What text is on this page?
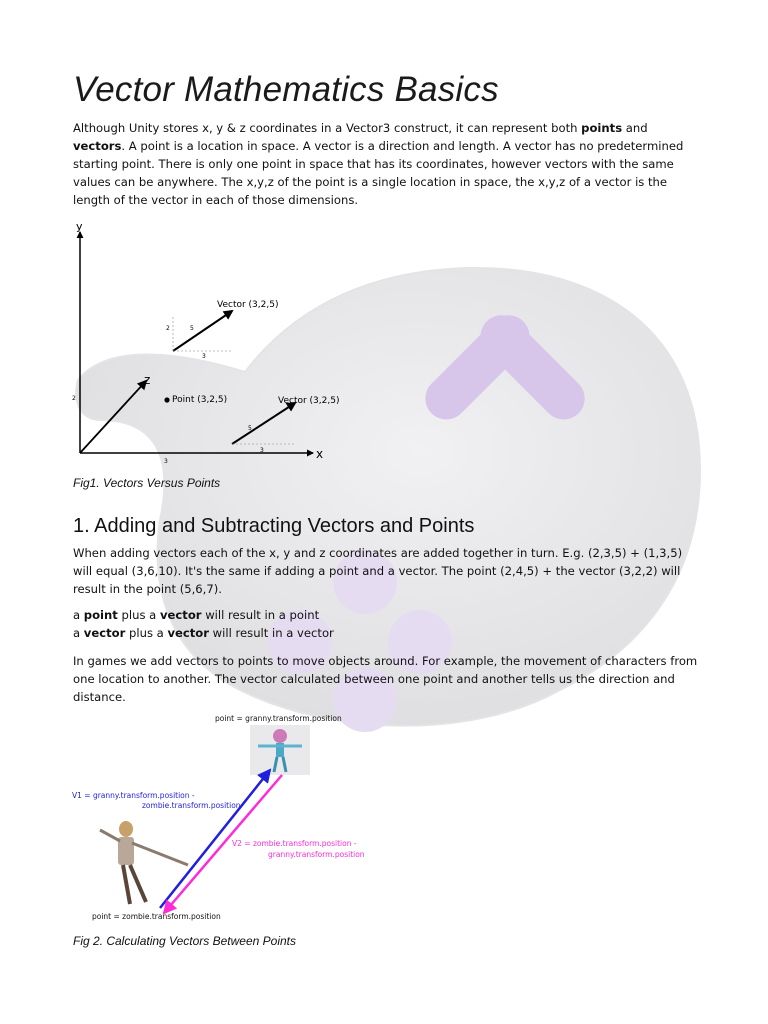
Vector Mathematics Basics

Although Unity stores x, y & z coordinates in a Vector3 construct, it can represent both points and vectors. A point is a location in space. A vector is a direction and length. A vector has no predetermined starting point. There is only one point in space that has its coordinates, however vectors with the same values can be anywhere. The x,y,z of the point is a single location in space, the x,y,z of a vector is the length of the vector in each of those dimensions.

y
x
z
Vector (3,2,5)
2	5
3
Point (3,2,5)	Vector (3,2,5)
5
3
2
3

Fig1. Vectors Versus Points

1. Adding and Subtracting Vectors and Points

When adding vectors each of the x, y and z coordinates are added together in turn. E.g. (2,3,5) + (1,3,5) will equal (3,6,10). It's the same if adding a point and a vector. The point (2,4,5) + the vector (3,2,2) will result in the point (5,6,7).

a point plus a vector will result in a point

a vector plus a vector will result in a vector

In games we add vectors to points to move objects around. For example, the movement of characters from one location to another. The vector calculated between one point and another tells us the direction and distance.

point = granny.transform.position
V1 = granny.transform.position -
zombie.transform.position
V2 = zombie.transform.position -
granny.transform.position
point = zombie.transform.position

Fig 2. Calculating Vectors Between Points
